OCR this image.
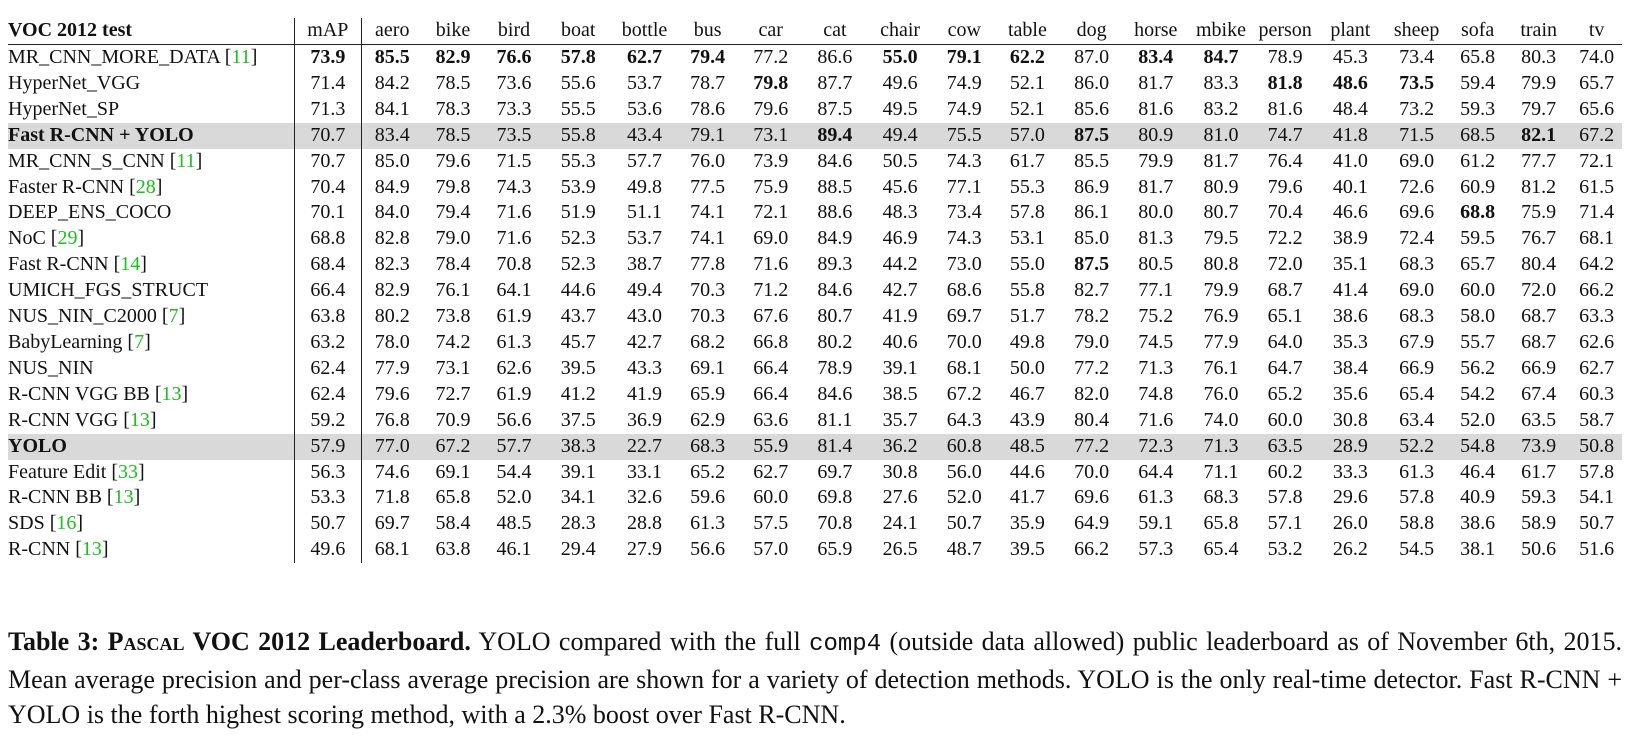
VOC 2012 test	mAP	aero	bike	bird	boat	bottle	bus	car	cat	chair	cow	table	dog	horse	mbike	person	plant	sheep	sofa	train	tv
MR_CNN_MORE_DATA [11]	73.9	85.5	82.9	76.6	57.8	62.7	79.4	77.2	86.6	55.0	79.1	62.2	87.0	83.4	84.7	78.9	45.3	73.4	65.8	80.3	74.0
HyperNet_VGG	71.4	84.2	78.5	73.6	55.6	53.7	78.7	79.8	87.7	49.6	74.9	52.1	86.0	81.7	83.3	81.8	48.6	73.5	59.4	79.9	65.7
HyperNet_SP	71.3	84.1	78.3	73.3	55.5	53.6	78.6	79.6	87.5	49.5	74.9	52.1	85.6	81.6	83.2	81.6	48.4	73.2	59.3	79.7	65.6
Fast R-CNN + YOLO	70.7	83.4	78.5	73.5	55.8	43.4	79.1	73.1	89.4	49.4	75.5	57.0	87.5	80.9	81.0	74.7	41.8	71.5	68.5	82.1	67.2
MR_CNN_S_CNN [11]	70.7	85.0	79.6	71.5	55.3	57.7	76.0	73.9	84.6	50.5	74.3	61.7	85.5	79.9	81.7	76.4	41.0	69.0	61.2	77.7	72.1
Faster R-CNN [28]	70.4	84.9	79.8	74.3	53.9	49.8	77.5	75.9	88.5	45.6	77.1	55.3	86.9	81.7	80.9	79.6	40.1	72.6	60.9	81.2	61.5
DEEP_ENS_COCO	70.1	84.0	79.4	71.6	51.9	51.1	74.1	72.1	88.6	48.3	73.4	57.8	86.1	80.0	80.7	70.4	46.6	69.6	68.8	75.9	71.4
NoC [29]	68.8	82.8	79.0	71.6	52.3	53.7	74.1	69.0	84.9	46.9	74.3	53.1	85.0	81.3	79.5	72.2	38.9	72.4	59.5	76.7	68.1
Fast R-CNN [14]	68.4	82.3	78.4	70.8	52.3	38.7	77.8	71.6	89.3	44.2	73.0	55.0	87.5	80.5	80.8	72.0	35.1	68.3	65.7	80.4	64.2
UMICH_FGS_STRUCT	66.4	82.9	76.1	64.1	44.6	49.4	70.3	71.2	84.6	42.7	68.6	55.8	82.7	77.1	79.9	68.7	41.4	69.0	60.0	72.0	66.2
NUS_NIN_C2000 [7]	63.8	80.2	73.8	61.9	43.7	43.0	70.3	67.6	80.7	41.9	69.7	51.7	78.2	75.2	76.9	65.1	38.6	68.3	58.0	68.7	63.3
BabyLearning [7]	63.2	78.0	74.2	61.3	45.7	42.7	68.2	66.8	80.2	40.6	70.0	49.8	79.0	74.5	77.9	64.0	35.3	67.9	55.7	68.7	62.6
NUS_NIN	62.4	77.9	73.1	62.6	39.5	43.3	69.1	66.4	78.9	39.1	68.1	50.0	77.2	71.3	76.1	64.7	38.4	66.9	56.2	66.9	62.7
R-CNN VGG BB [13]	62.4	79.6	72.7	61.9	41.2	41.9	65.9	66.4	84.6	38.5	67.2	46.7	82.0	74.8	76.0	65.2	35.6	65.4	54.2	67.4	60.3
R-CNN VGG [13]	59.2	76.8	70.9	56.6	37.5	36.9	62.9	63.6	81.1	35.7	64.3	43.9	80.4	71.6	74.0	60.0	30.8	63.4	52.0	63.5	58.7
YOLO	57.9	77.0	67.2	57.7	38.3	22.7	68.3	55.9	81.4	36.2	60.8	48.5	77.2	72.3	71.3	63.5	28.9	52.2	54.8	73.9	50.8
Feature Edit [33]	56.3	74.6	69.1	54.4	39.1	33.1	65.2	62.7	69.7	30.8	56.0	44.6	70.0	64.4	71.1	60.2	33.3	61.3	46.4	61.7	57.8
R-CNN BB [13]	53.3	71.8	65.8	52.0	34.1	32.6	59.6	60.0	69.8	27.6	52.0	41.7	69.6	61.3	68.3	57.8	29.6	57.8	40.9	59.3	54.1
SDS [16]	50.7	69.7	58.4	48.5	28.3	28.8	61.3	57.5	70.8	24.1	50.7	35.9	64.9	59.1	65.8	57.1	26.0	58.8	38.6	58.9	50.7
R-CNN [13]	49.6	68.1	63.8	46.1	29.4	27.9	56.6	57.0	65.9	26.5	48.7	39.5	66.2	57.3	65.4	53.2	26.2	54.5	38.1	50.6	51.6
Table 3: Pascal VOC 2012 Leaderboard. YOLO compared with the full comp4 (outside data allowed) public leaderboard as of November 6th, 2015. Mean average precision and per-class average precision are shown for a variety of detection methods. YOLO is the only real-time detector. Fast R-CNN + YOLO is the forth highest scoring method, with a 2.3% boost over Fast R-CNN.
